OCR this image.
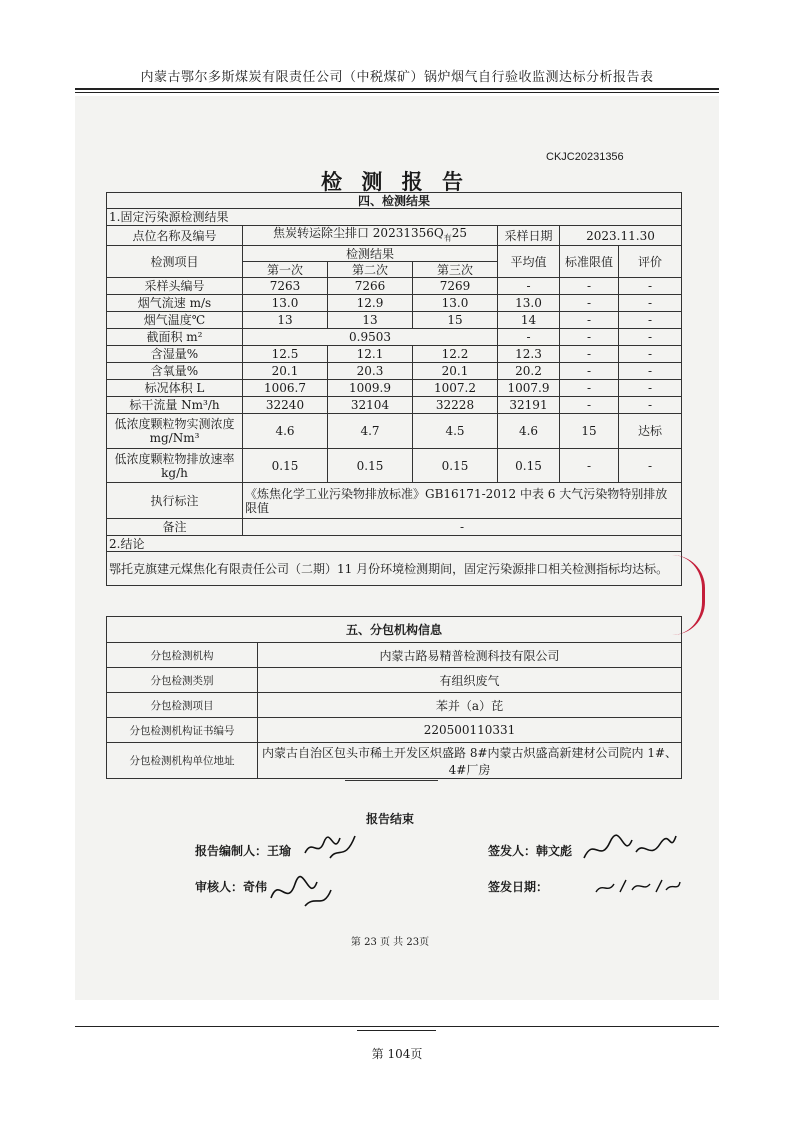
内蒙古鄂尔多斯煤炭有限责任公司（中税煤矿）锅炉烟气自行验收监测达标分析报告表
CKJC20231356
检 测 报 告
四、检测结果						
1.固定污染源检测结果						
点位名称及编号	焦炭转运除尘排口 $20231356Q_有25$			采样日期	2023.11.30	
检测项目	检测结果			平均值	标准限值	评价
	第一次	第二次	第三次			
采样头编号	7263	7266	7269	-	-	-
烟气流速 m/s	13.0	12.9	13.0	13.0	-	-
烟气温度℃	13	13	15	14	-	-
截面积 m²	0.9503			-	-	-
含湿量%	12.5	12.1	12.2	12.3	-	-
含氧量%	20.1	20.3	20.1	20.2	-	-
标况体积 L	1006.7	1009.9	1007.2	1007.9	-	-
标干流量 Nm³/h	32240	32104	32228	32191	-	-
低浓度颗粒物实测浓度 mg/Nm³	4.6	4.7	4.5	4.6	15	达标
低浓度颗粒物排放速率 kg/h	0.15	0.15	0.15	0.15	-	-
执行标注	《炼焦化学工业污染物排放标准》GB16171-2012 中表 6 大气污染物特别排放限值					
备注	-					
2.结论						
鄂托克旗建元煤焦化有限责任公司（二期）11 月份环境检测期间，固定污染源排口相关检测指标均达标。						
五、分包机构信息	
分包检测机构	内蒙古路易精普检测科技有限公司
分包检测类别	有组织废气
分包检测项目	苯并（a）芘
分包检测机构证书编号	220500110331
分包检测机构单位地址	内蒙古自治区包头市稀土开发区炽盛路 8#内蒙古炽盛高新建材公司院内 1#、4#厂房
报告结束
报告编制人：王瑜	签发人：韩文彪
审核人：奇伟	签发日期：
第 23 页 共 23页
第 104页
